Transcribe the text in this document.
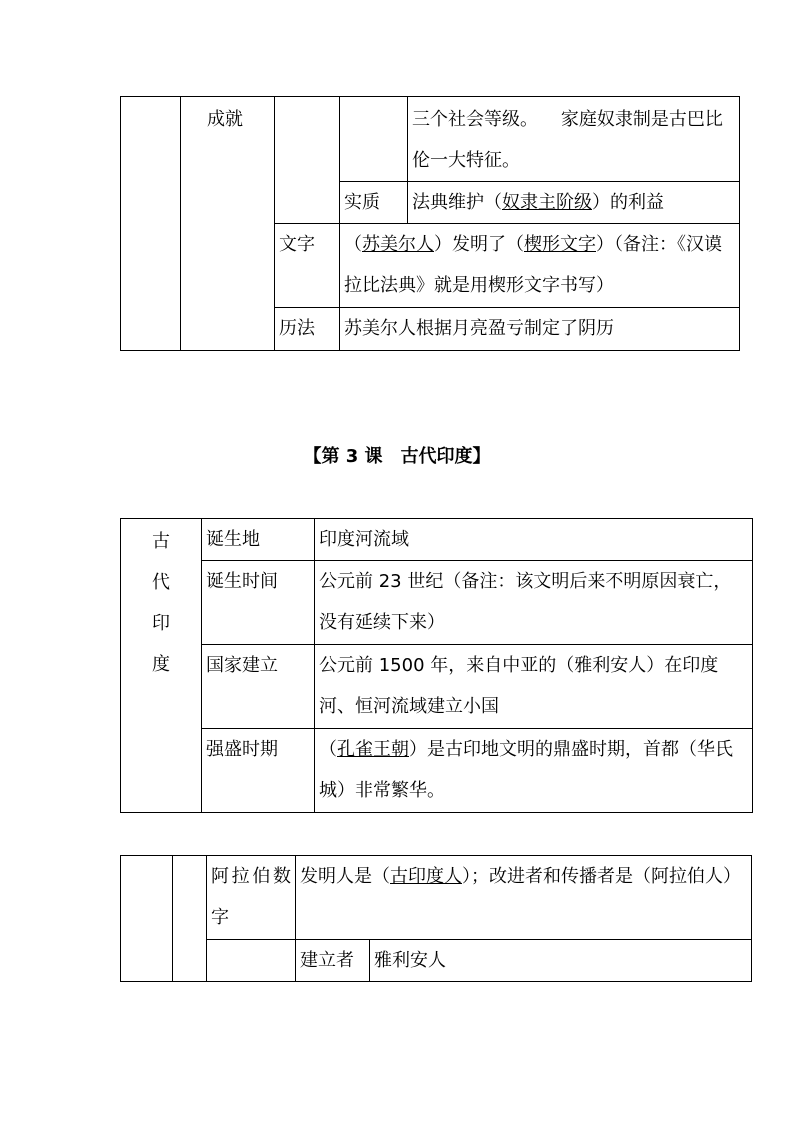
	成就			三个社会等级。 家庭奴隶制是古巴比伦一大特征。
			实质	法典维护（奴隶主阶级）的利益
		文字	（苏美尔人）发明了（楔形文字）（备注：《汉谟拉比法典》就是用楔形文字书写）	
		历法	苏美尔人根据月亮盈亏制定了阴历	
【第 3 课　古代印度】
古
代
印
度	诞生地	印度河流域
	诞生时间	公元前 23 世纪（备注：该文明后来不明原因衰亡，没有延续下来）
	国家建立	公元前 1500 年，来自中亚的（雅利安人）在印度河、恒河流域建立小国
	强盛时期	（孔雀王朝）是古印地文明的鼎盛时期，首都（华氏城）非常繁华。

		阿拉伯数字	发明人是（古印度人）；改进者和传播者是（阿拉伯人）	
			建立者	雅利安人
